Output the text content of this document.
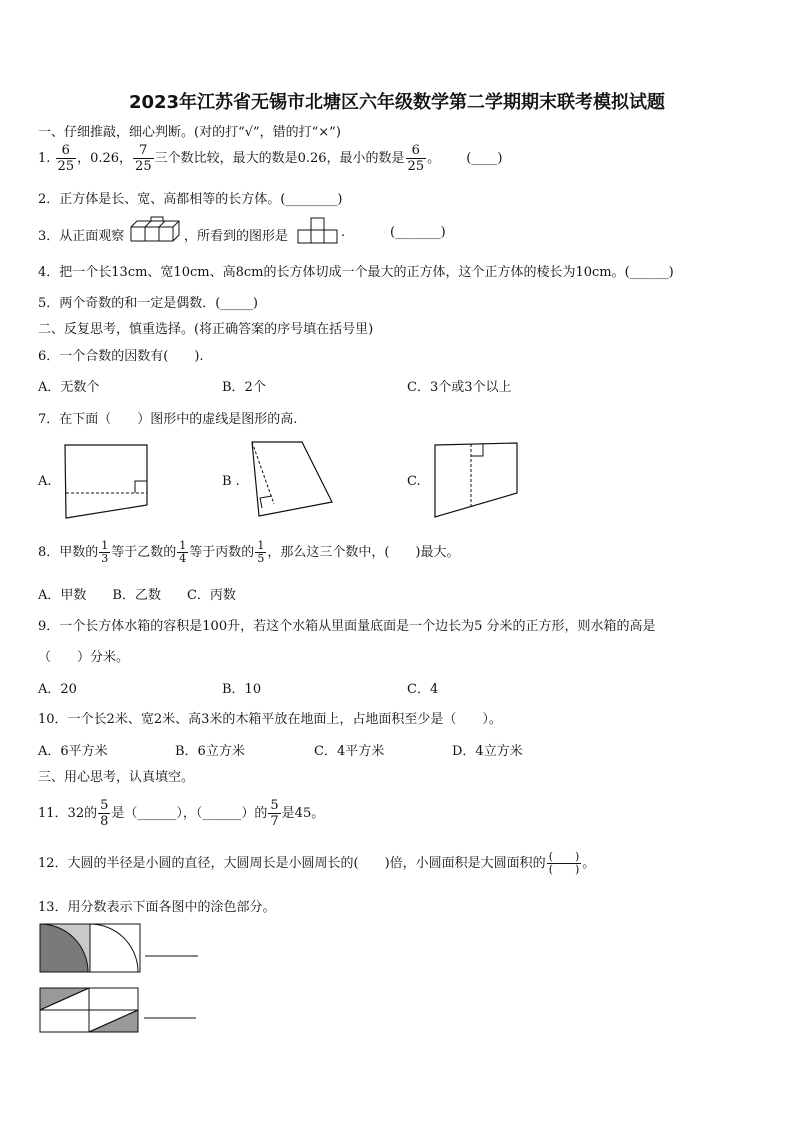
2023年江苏省无锡市北塘区六年级数学第二学期期末联考模拟试题
一、仔细推敲，细心判断。(对的打“√”，错的打“×”)
1. $\frac{6}{25}$ ，0.26， $\frac{7}{25}$ 三个数比较，最大的数是0.26，最小的数是 $\frac{6}{25}$ 。 (____)
2．正方体是长、宽、高都相等的长方体。(________)
3．从正面观察	，所看到的图形是	.	(_______)
4．把一个长13cm、宽10cm、高8cm的长方体切成一个最大的正方体，这个正方体的棱长为10cm。(______)
5．两个奇数的和一定是偶数．(_____)
二、反复思考，慎重选择。(将正确答案的序号填在括号里)
6．一个合数的因数有(　　).
A．无数个	B．2个	C．3个或3个以上
7．在下面（　　）图形中的虚线是图形的高.
A.	B .	C.
8．甲数的 $\frac{1}{3}$ 等于乙数的 $\frac{1}{4}$ 等于丙数的 $\frac{1}{5}$ ，那么这三个数中，(　　)最大。
A．甲数　　B．乙数　　C．丙数
9．一个长方体水箱的容积是100升，若这个水箱从里面量底面是一个边长为5 分米的正方形，则水箱的高是
（　　）分米。
A．20	B．10	C．4
10．一个长2米、宽2米、高3米的木箱平放在地面上，占地面积至少是（　　）。
A．6平方米	B．6立方米	C．4平方米	D．4立方米
三、用心思考，认真填空。
11．32的 $\frac{5}{8}$ 是（______），（______）的 $\frac{5}{7}$ 是45。
12．大圆的半径是小圆的直径，大圆周长是小圆周长的(　　)倍，小圆面积是大圆面积的 $\frac{( )}{( )}$ 。
13．用分数表示下面各图中的涂色部分。
